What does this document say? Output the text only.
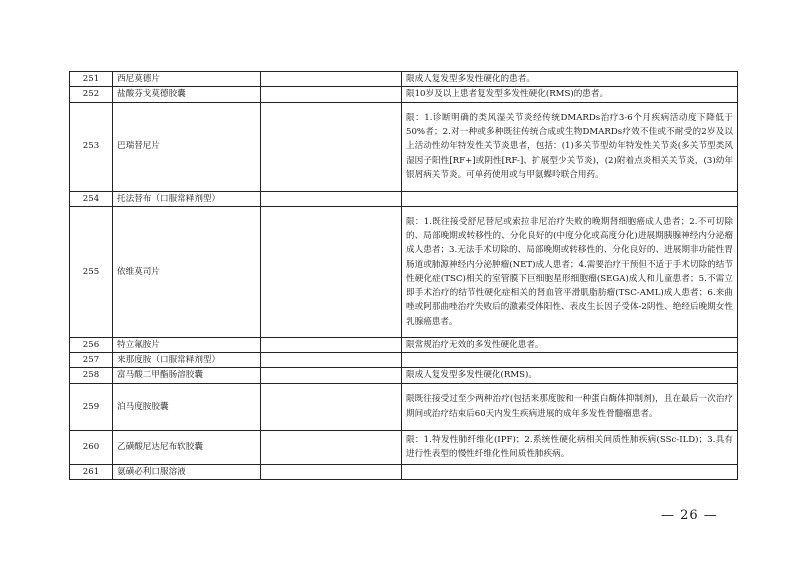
251	西尼莫德片		限成人复发型多发性硬化的患者。
252	盐酸芬戈莫德胶囊		限10岁及以上患者复发型多发性硬化(RMS)的患者。
253	巴瑞替尼片		限：1.诊断明确的类风湿关节炎经传统DMARDs治疗3-6个月疾病活动度下降低于50%者；2.对一种或多种既往传统合成或生物DMARDs疗效不佳或不耐受的2岁及以上活动性幼年特发性关节炎患者，包括：(1)多关节型幼年特发性关节炎(多关节型类风湿因子阳性[RF+]或阴性[RF-]、扩展型少关节炎)，(2)附着点炎相关关节炎，(3)幼年银屑病关节炎。可单药使用或与甲氨蝶呤联合用药。
254	托法替布（口服常释剂型）		
255	依维莫司片		限：1.既往接受舒尼替尼或索拉非尼治疗失败的晚期肾细胞癌成人患者；2.不可切除的、局部晚期或转移性的、分化良好的(中度分化或高度分化)进展期胰腺神经内分泌瘤成人患者；3.无法手术切除的、局部晚期或转移性的、分化良好的、进展期非功能性胃肠道或肺源神经内分泌肿瘤(NET)成人患者；4.需要治疗干预但不适于手术切除的结节性硬化症(TSC)相关的室管膜下巨细胞星形细胞瘤(SEGA)成人和儿童患者；5.不需立即手术治疗的结节性硬化症相关的肾血管平滑肌脂肪瘤(TSC-AML)成人患者；6.来曲唑或阿那曲唑治疗失败后的激素受体阳性、表皮生长因子受体-2阴性、绝经后晚期女性乳腺癌患者。
256	特立氟胺片		限常规治疗无效的多发性硬化患者。
257	来那度胺（口服常释剂型）		
258	富马酸二甲酯肠溶胶囊		限成人复发型多发性硬化(RMS)。
259	泊马度胺胶囊		限既往接受过至少两种治疗(包括来那度胺和一种蛋白酶体抑制剂)，且在最后一次治疗期间或治疗结束后60天内发生疾病进展的成年多发性骨髓瘤患者。
260	乙磺酸尼达尼布软胶囊		限：1.特发性肺纤维化(IPF)；2.系统性硬化病相关间质性肺疾病(SSc-ILD)；3.具有进行性表型的慢性纤维化性间质性肺疾病。
261	氨磺必利口服溶液		
— 26 —
